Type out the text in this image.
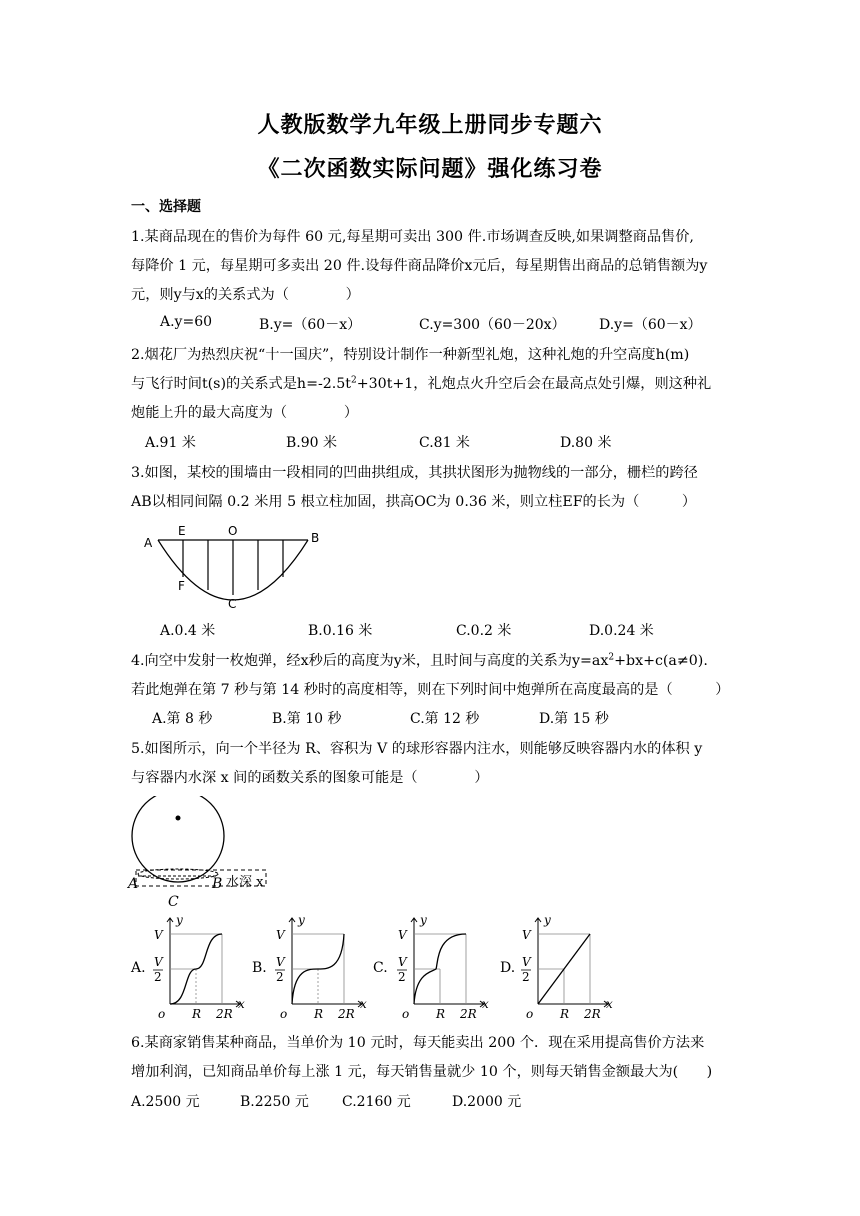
人教版数学九年级上册同步专题六
《二次函数实际问题》强化练习卷
一、选择题
1.某商品现在的售价为每件 60 元,每星期可卖出 300 件.市场调查反映,如果调整商品售价,
每降价 1 元，每星期可多卖出 20 件.设每件商品降价x元后，每星期售出商品的总销售额为y
元，则y与x的关系式为（　　　　）
A.y=60	B.y=（60－x）	C.y=300（60－20x） D.y=（60－x）
2.烟花厂为热烈庆祝“十一国庆”，特别设计制作一种新型礼炮，这种礼炮的升空高度h(m)
与飞行时间t(s)的关系式是$h=-2.5t^2+30t+1$，礼炮点火升空后会在最高点处引爆，则这种礼
炮能上升的最大高度为（　　　　）
A.91 米	B.90 米	C.81 米	D.80 米
3.如图，某校的围墙由一段相同的凹曲拱组成，其拱状图形为抛物线的一部分，栅栏的跨径
AB以相同间隔 0.2 米用 5 根立柱加固，拱高OC为 0.36 米，则立柱EF的长为（　　　）
A
E	O	B
F
C
A.0.4 米	B.0.16 米	C.0.2 米	D.0.24 米
4.向空中发射一枚炮弹，经x秒后的高度为y米，且时间与高度的关系为$y=ax^2+bx+c(a\ne 0)$.
若此炮弹在第 7 秒与第 14 秒时的高度相等，则在下列时间中炮弹所在高度最高的是（　　　）
A.第 8 秒	B.第 10 秒	C.第 12 秒	D.第 15 秒
5.如图所示，向一个半径为 R、容积为 V 的球形容器内注水，则能够反映容器内水的体积 y
与容器内水深 x 间的函数关系的图象可能是（　　　　）
A	B
C
水深 x
A.	B.	C.	D.
y
x
V
V
2
o R 2R
y
x
V
V
2
o R 2R
y
x
V
V
2
o R 2R
y
x
V
V
2
o R 2R
6.某商家销售某种商品，当单价为 10 元时，每天能卖出 200 个．现在采用提高售价方法来
增加利润，已知商品单价每上涨 1 元，每天销售量就少 10 个，则每天销售金额最大为(　　)
A.2500 元	B.2250 元 C.2160 元	D.2000 元
